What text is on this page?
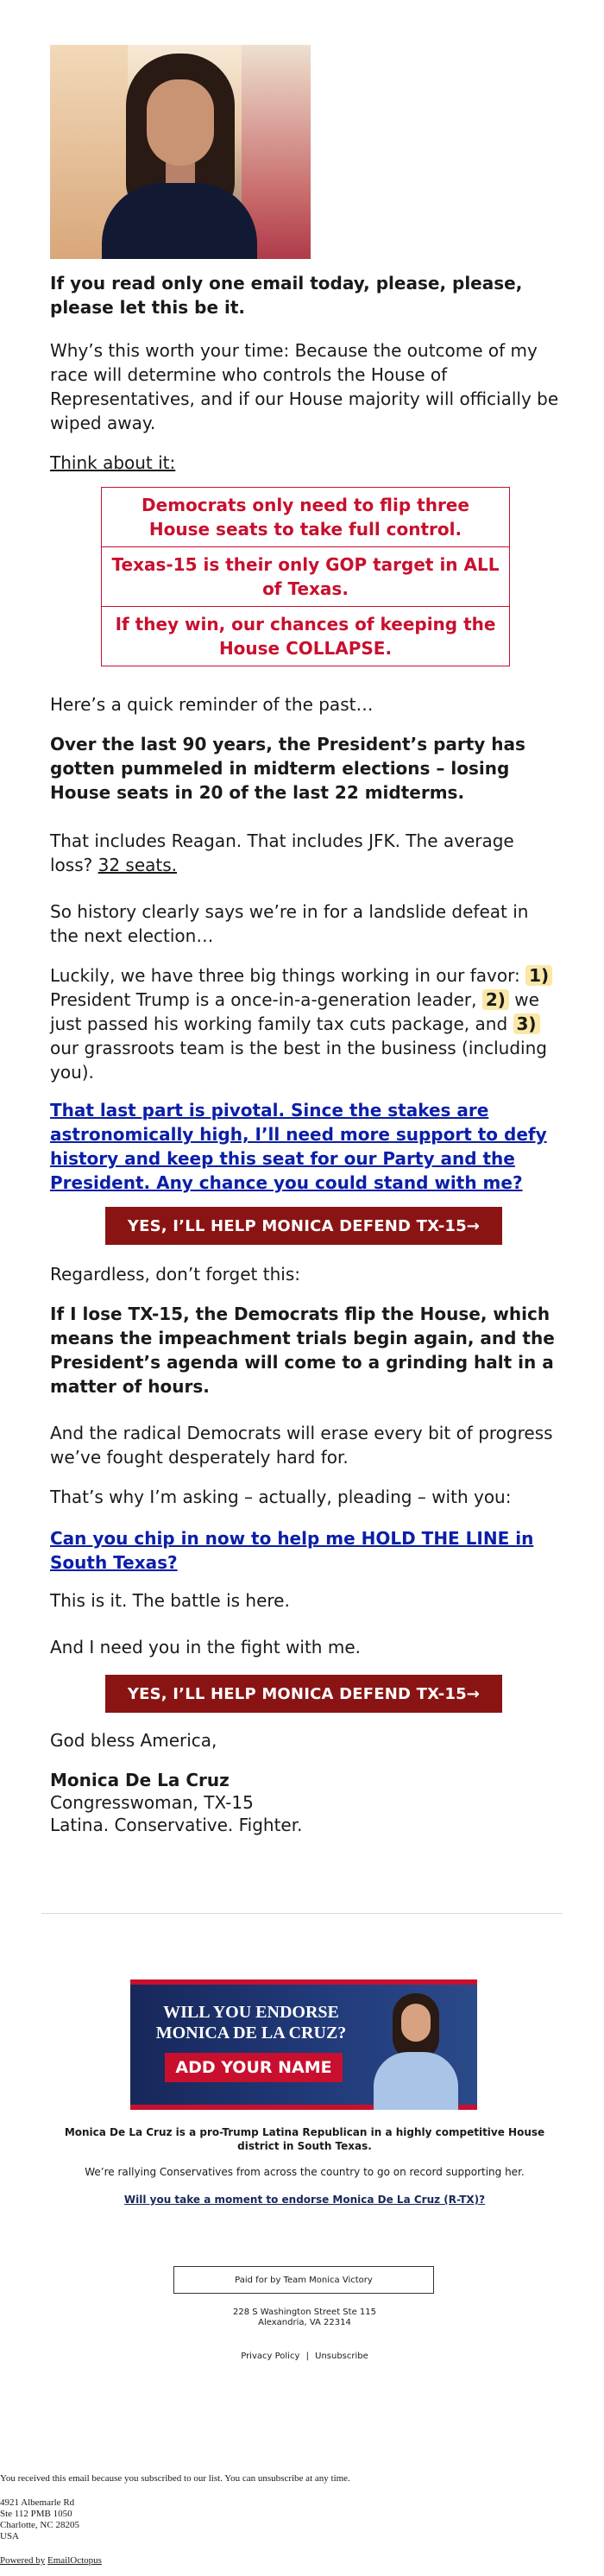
If you read only one email today, please, please, please let this be it.
Why’s this worth your time: Because the outcome of my race will determine who controls the House of Representatives, and if our House majority will officially be wiped away.
Think about it:
Democrats only need to flip three House seats to take full control.
Texas-15 is their only GOP target in ALL of Texas.
If they win, our chances of keeping the House COLLAPSE.
Here’s a quick reminder of the past…
Over the last 90 years, the President’s party has gotten pummeled in midterm elections – losing House seats in 20 of the last 22 midterms.
That includes Reagan. That includes JFK. The average loss? 32 seats.
So history clearly says we’re in for a landslide defeat in the next election…
Luckily, we have three big things working in our favor: 1) President Trump is a once-in-a-generation leader, 2) we just passed his working family tax cuts package, and 3) our grassroots team is the best in the business (including you).
That last part is pivotal. Since the stakes are astronomically high, I’ll need more support to defy history and keep this seat for our Party and the President. Any chance you could stand with me?
YES, I’LL HELP MONICA DEFEND TX-15→
Regardless, don’t forget this:
If I lose TX-15, the Democrats flip the House, which means the impeachment trials begin again, and the President’s agenda will come to a grinding halt in a matter of hours.
And the radical Democrats will erase every bit of progress we’ve fought desperately hard for.
That’s why I’m asking – actually, pleading – with you:
Can you chip in now to help me HOLD THE LINE in South Texas?
This is it. The battle is here.
And I need you in the fight with me.
YES, I’LL HELP MONICA DEFEND TX-15→
God bless America,
Monica De La Cruz
Congresswoman, TX-15
Latina. Conservative. Fighter.
WILL YOU ENDORSE
MONICA DE LA CRUZ?
ADD YOUR NAME
Monica De La Cruz is a pro-Trump Latina Republican in a highly competitive House district in South Texas.
We’re rallying Conservatives from across the country to go on record supporting her.
Will you take a moment to endorse Monica De La Cruz (R-TX)?
Paid for by Team Monica Victory
228 S Washington Street Ste 115
Alexandria, VA 22314
Privacy Policy | Unsubscribe
You received this email because you subscribed to our list. You can unsubscribe at any time.
4921 Albemarle Rd
Ste 112 PMB 1050
Charlotte, NC 28205
USA
Powered by EmailOctopus
